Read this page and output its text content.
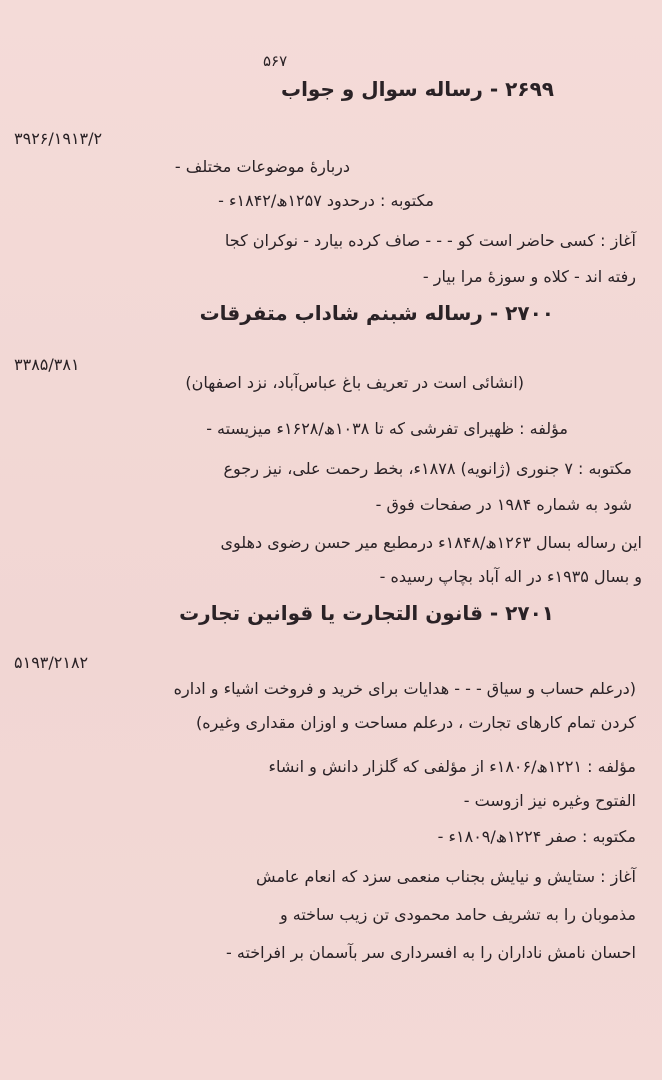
۵۶۷
۲۶۹۹ - رساله سوال و جواب
۳۹۲۶/۱۹۱۳/۲
دربارهٔ موضوعات مختلف -
مکتوبه : درحدود ۱۲۵۷ھ/۱۸۴۲ء -
آغاز : کسی حاضر است کو - - - صاف کرده بیارد - نوکران کجا
رفته اند - کلاه و سوزهٔ مرا بیار -
۲۷۰۰ - رساله شبنم شاداب متفرقات
۳۳۸۵/۳۸۱
(انشائی است در تعریف باغ عباس‌آباد، نزد اصفهان)
مؤلفه : ظهیرای تفرشی که تا ۱۰۳۸ھ/۱۶۲۸ء میزیسته -
مکتوبه : ۷ جنوری (ژانویه) ۱۸۷۸ء، بخط رحمت علی، نیز رجوع
شود به شماره ۱۹۸۴ در صفحات فوق -
این رساله بسال ۱۲۶۳ھ/۱۸۴۸ء درمطبع میر حسن رضوی دهلوی
و بسال ۱۹۳۵ء در اله آباد بچاپ رسیده -
۲۷۰۱ - قانون التجارت یا قوانین تجارت
۵۱۹۳/۲۱۸۲
(درعلم حساب و سیاق - - - هدایات برای خرید و فروخت اشیاء و اداره
کردن تمام کارهای تجارت ، درعلم مساحت و اوزان مقداری وغیره)
مؤلفه : ۱۲۲۱ھ/۱۸۰۶ء از مؤلفی که گلزار دانش و انشاء
الفتوح وغیره نیز ازوست -
مکتوبه : صفر ۱۲۲۴ھ/۱۸۰۹ء -
آغاز : ستایش و نیایش بجناب منعمی سزد که انعام عامش
مذموبان را به تشریف حامد محمودی تن زیب ساخته و
احسان نامش ناداران را به افسرداری سر بآسمان بر افراخته -
